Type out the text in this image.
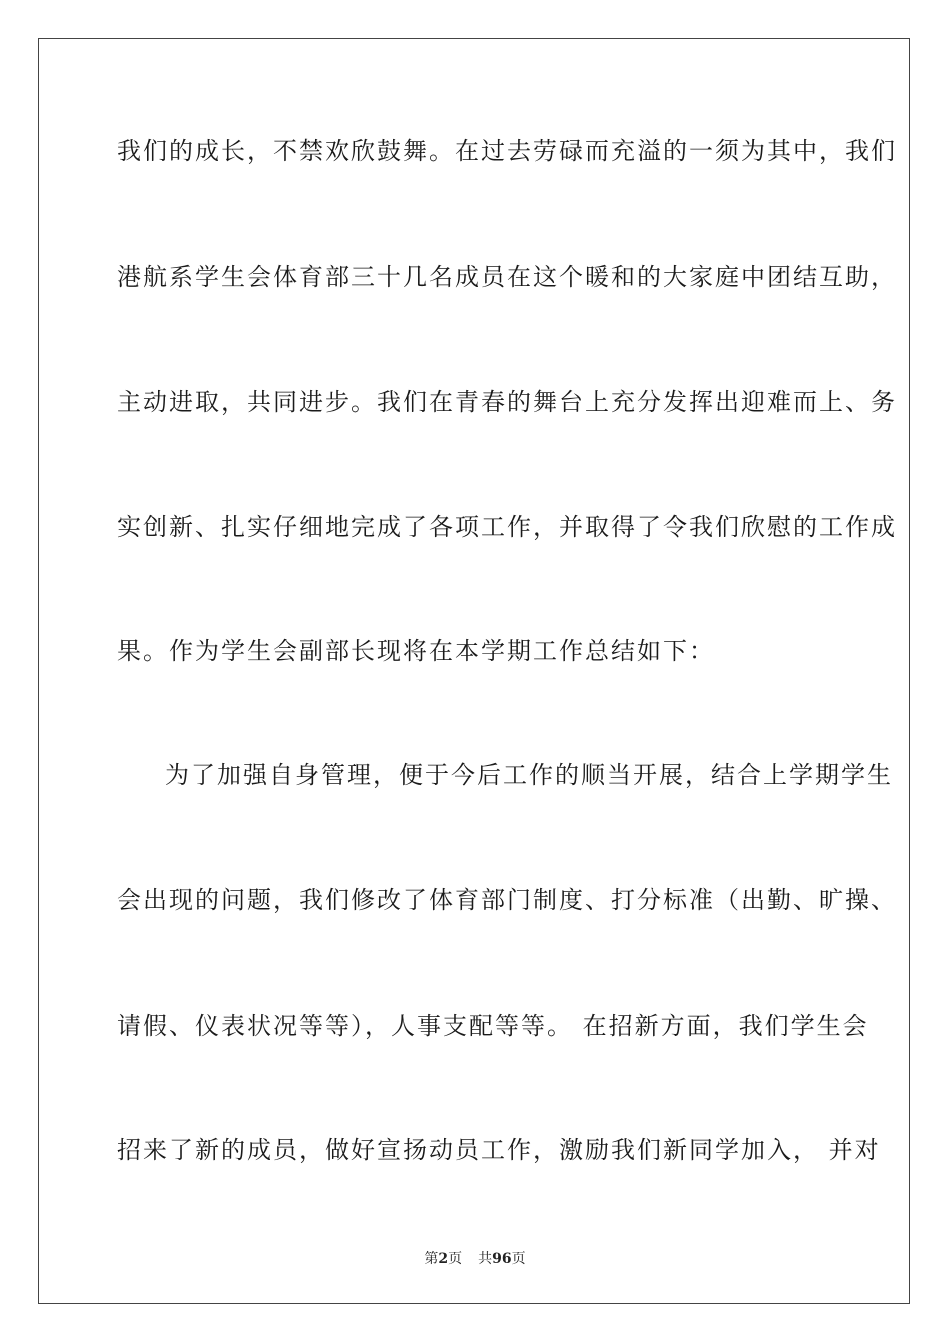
我们的成长，不禁欢欣鼓舞。在过去劳碌而充溢的一须为其中，我们
港航系学生会体育部三十几名成员在这个暖和的大家庭中团结互助，
主动进取，共同进步。我们在青春的舞台上充分发挥出迎难而上、务
实创新、扎实仔细地完成了各项工作，并取得了令我们欣慰的工作成
果。作为学生会副部长现将在本学期工作总结如下：
为了加强自身管理，便于今后工作的顺当开展，结合上学期学生
会出现的问题，我们修改了体育部门制度、打分标准（出勤、旷操、
请假、仪表状况等等），人事支配等等。 在招新方面，我们学生会
招来了新的成员，做好宣扬动员工作，激励我们新同学加入， 并对
第2页 共96页
